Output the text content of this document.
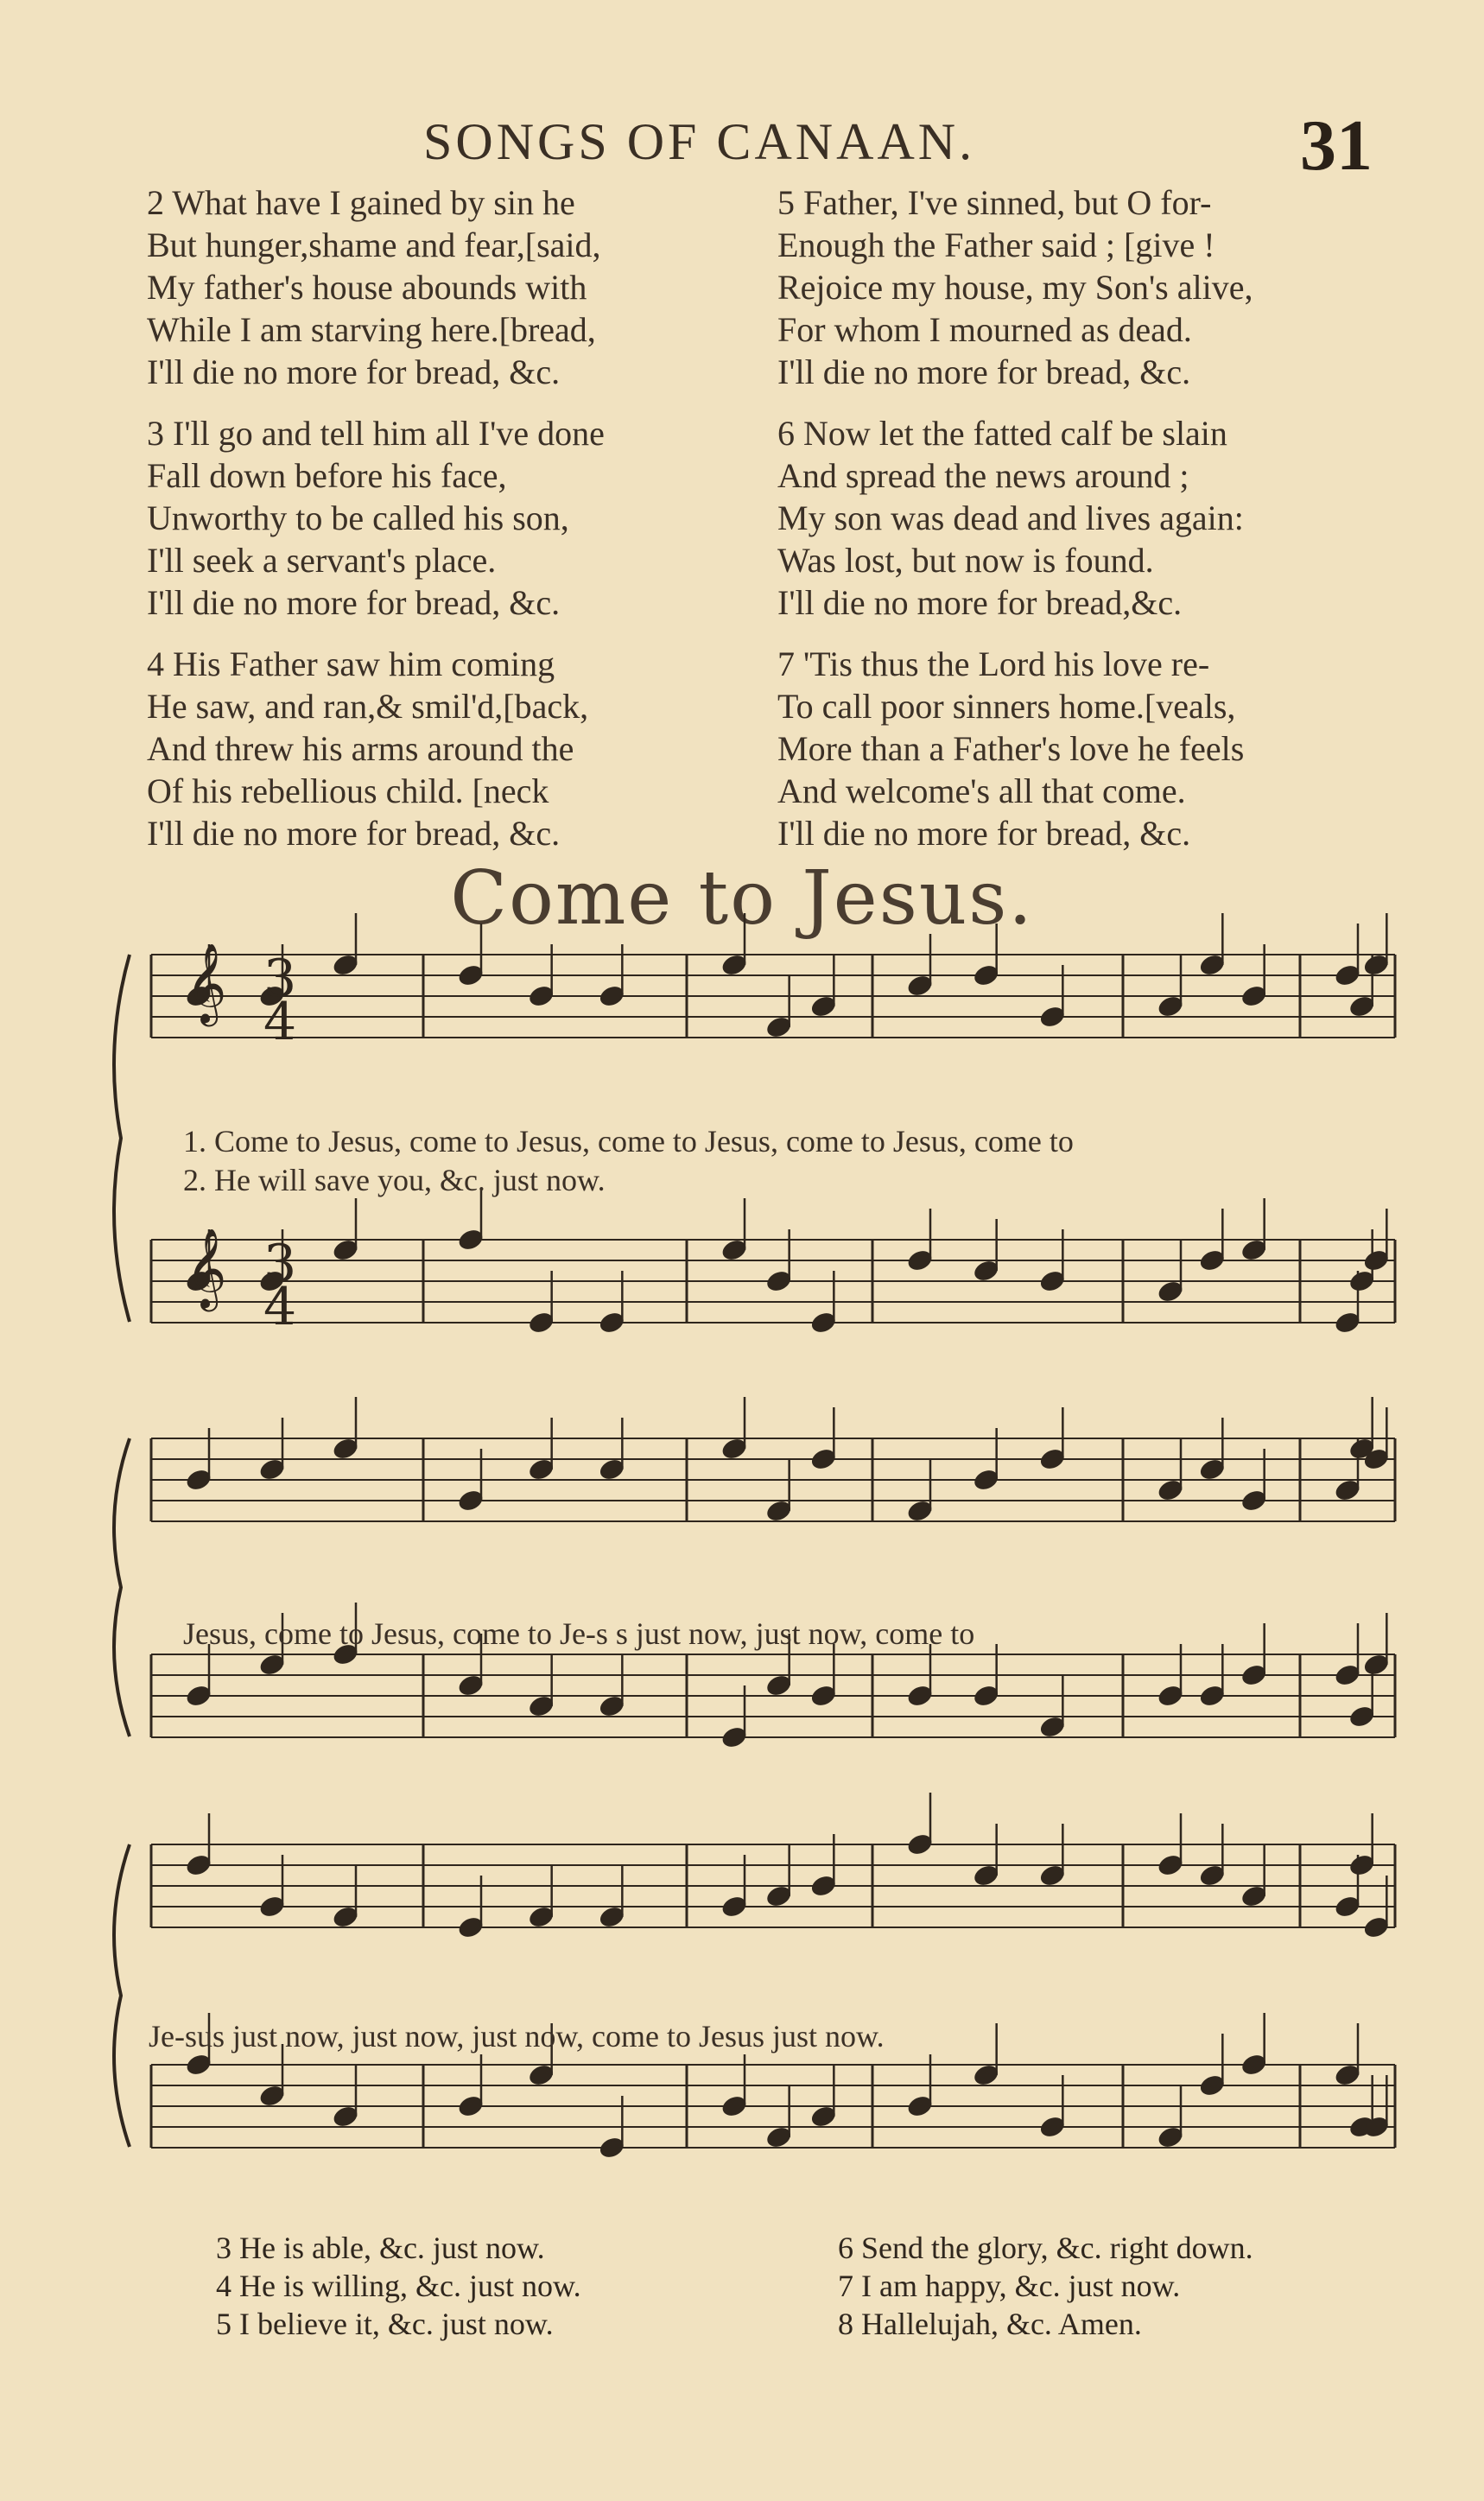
SONGS OF CANAAN.	31
2 What have I gained by sin he
But hunger,shame and fear,[said,
My father's house abounds with
While I am starving here.[bread,
I'll die no more for bread, &c.
5 Father, I've sinned, but O for-
Enough the Father said ; [give !
Rejoice my house, my Son's alive,
For whom I mourned as dead.
I'll die no more for bread, &c.
3 I'll go and tell him all I've done
Fall down before his face,
Unworthy to be called his son,
I'll seek a servant's place.
I'll die no more for bread, &c.
6 Now let the fatted calf be slain
And spread the news around ;
My son was dead and lives again:
Was lost, but now is found.
I'll die no more for bread,&c.
4 His Father saw him coming
He saw, and ran,& smil'd,[back,
And threw his arms around the
Of his rebellious child. [neck
I'll die no more for bread, &c.
7 'Tis thus the Lord his love re-
To call poor sinners home.[veals,
More than a Father's love he feels
And welcome's all that come.
I'll die no more for bread, &c.
Come to Jesus.
𝄞 3
4
𝄞 3
4
1. Come to Jesus, come to Jesus, come to Jesus, come to Jesus, come to
2. He will save you, &c. just now.
Jesus, come to Jesus, come to Je-s s just now, just now, come to
Je-sus just now, just now, just now, come to Jesus just now.
3 He is able, &c. just now.
4 He is willing, &c. just now.
5 I believe it, &c. just now.
6 Send the glory, &c. right down.
7 I am happy, &c. just now.
8 Hallelujah, &c. Amen.
